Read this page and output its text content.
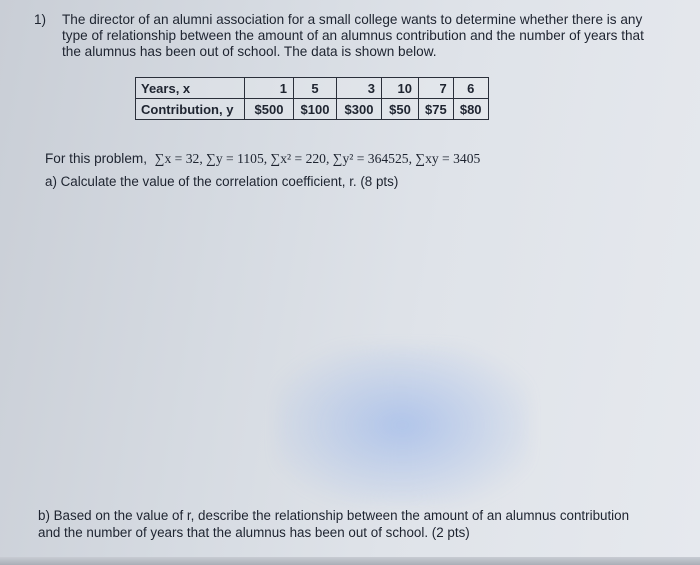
1) The director of an alumni association for a small college wants to determine whether there is any
type of relationship between the amount of an alumnus contribution and the number of years that
the alumnus has been out of school. The data is shown below.
Years, x	1	5	3	10	7	6
Contribution, y	$500	$100	$300	$50	$75	$80
For this problem, ∑x = 32, ∑y = 1105, ∑x² = 220, ∑y² = 364525, ∑xy = 3405
a) Calculate the value of the correlation coefficient, r. (8 pts)
b) Based on the value of r, describe the relationship between the amount of an alumnus contribution
and the number of years that the alumnus has been out of school. (2 pts)
